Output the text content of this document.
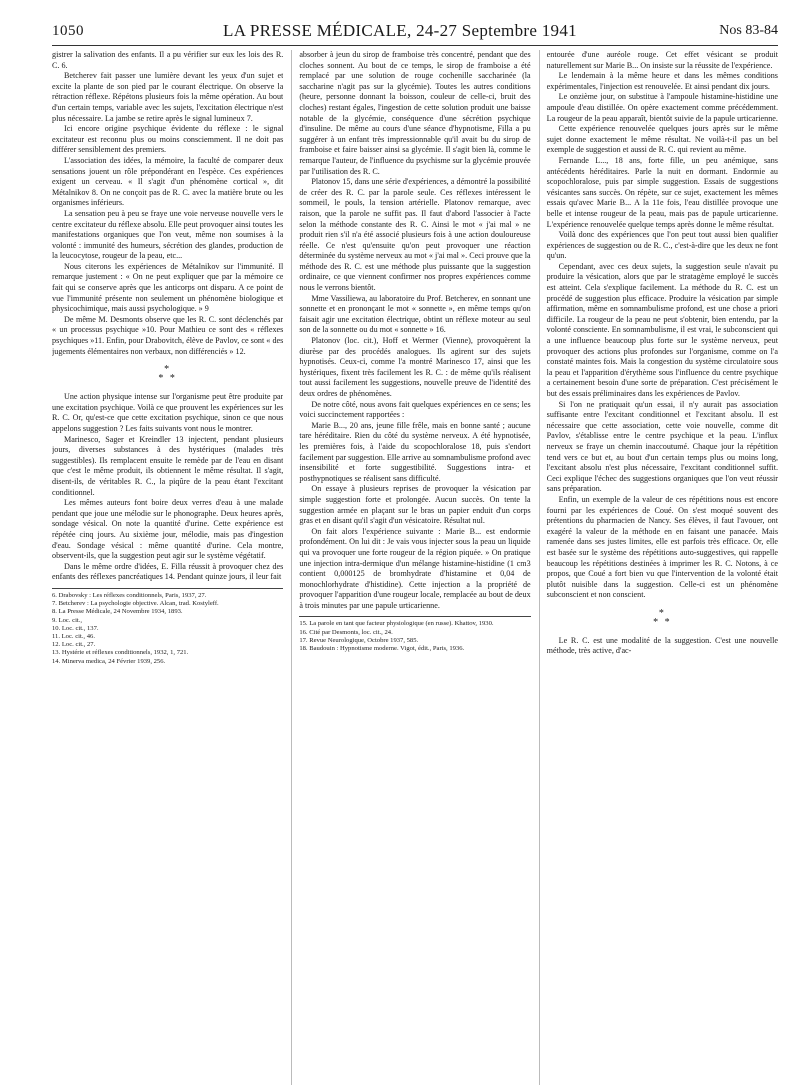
1050	LA PRESSE MÉDICALE, 24-27 Septembre 1941	Nos 83-84

gistrer la salivation des enfants. Il a pu vérifier sur eux les lois des R. C. 6.

Betcherev fait passer une lumière devant les yeux d'un sujet et excite la plante de son pied par le courant électrique. On observe la rétraction réflexe. Répétons plusieurs fois la même opération. Au bout d'un certain temps, variable avec les sujets, l'excitation électrique n'est plus nécessaire. La jambe se retire après le signal lumineux 7.

Ici encore origine psychique évidente du réflexe : le signal excitateur est reconnu plus ou moins consciemment. Il ne doit pas différer sensiblement des premiers.

L'association des idées, la mémoire, la faculté de comparer deux sensations jouent un rôle prépondérant en l'espèce. Ces expériences exigent un cerveau. « Il s'agit d'un phénomène cortical », dit Métalnikov 8. On ne conçoit pas de R. C. avec la matière brute ou les organismes inférieurs.

La sensation peu à peu se fraye une voie nerveuse nouvelle vers le centre excitateur du réflexe absolu. Elle peut provoquer ainsi toutes les manifestations organiques que l'on veut, même non soumises à la volonté : immunité des humeurs, sécrétion des glandes, production de la leucocytose, rougeur de la peau, etc...

Nous citerons les expériences de Métalnikov sur l'immunité. Il remarque justement : « On ne peut expliquer que par la mémoire ce fait qui se conserve après que les anticorps ont disparu. A ce point de vue l'immunité présente non seulement un phénomène biologique et physicochimique, mais aussi psychologique. » 9

De même M. Desmonts observe que les R. C. sont déclenchés par « un processus psychique »10. Pour Mathieu ce sont des « réflexes psychiques »11. Enfin, pour Drabovitch, élève de Pavlov, ce sont « des jugements élémentaires non verbaux, non différenciés » 12.

*
* *

Une action physique intense sur l'organisme peut être produite par une excitation psychique. Voilà ce que prouvent les expériences sur les R. C. Or, qu'est-ce que cette excitation psychique, sinon ce que nous appelons suggestion ? Les faits suivants vont nous le montrer.

Marinesco, Sager et Kreindler 13 injectent, pendant plusieurs jours, diverses substances à des hystériques (malades très suggestibles). Ils remplacent ensuite le remède par de l'eau en disant que c'est le même produit, ils obtiennent le même résultat. Il s'agit, disent-ils, de véritables R. C., la piqûre de la peau étant l'excitant conditionnel.

Les mêmes auteurs font boire deux verres d'eau à une malade pendant que joue une mélodie sur le phonographe. Deux heures après, sondage vésical. On note la quantité d'urine. Cette expérience est répétée cinq jours. Au sixième jour, mélodie, mais pas d'ingestion d'eau. Sondage vésical : même quantité d'urine. Cela montre, observent-ils, que la suggestion peut agir sur le système végétatif.

Dans le même ordre d'idées, E. Filla réussit à provoquer chez des enfants des réflexes pancréatiques 14. Pendant quinze jours, il leur fait

6. Drabovsky : Les réflexes conditionnels, Paris, 1937, 27.
7. Betcherev : La psychologie objective. Alcan, trad. Kostyleff.
8. La Presse Médicale, 24 Novembre 1934, 1893.
9. Loc. cit.,
10. Loc. cit., 137.
11. Loc. cit., 46.
12. Loc. cit., 27.
13. Hystérie et réflexes conditionnels, 1932, 1, 721.
14. Minerva medica, 24 Février 1939, 256.

absorber à jeun du sirop de framboise très concentré, pendant que des cloches sonnent. Au bout de ce temps, le sirop de framboise a été remplacé par une solution de rouge cochenille saccharinée (la saccharine n'agit pas sur la glycémie). Toutes les autres conditions (heure, personne donnant la boisson, couleur de celle-ci, bruit des cloches) restant égales, l'ingestion de cette solution produit une baisse notable de la glycémie, conséquence d'une sécrétion psychique d'insuline. De même au cours d'une séance d'hypnotisme, Filla a pu suggérer à un enfant très impressionnable qu'il avait bu du sirop de framboise et faire baisser ainsi sa glycémie. Il s'agit bien là, comme le remarque l'auteur, de l'influence du psychisme sur la glycémie prouvée par l'utilisation des R. C.

Platonov 15, dans une série d'expériences, a démontré la possibilité de créer des R. C. par la parole seule. Ces réflexes intéressent le sommeil, le pouls, la tension artérielle. Platonov remarque, avec raison, que la parole ne suffit pas. Il faut d'abord l'associer à l'acte selon la méthode constante des R. C. Ainsi le mot « j'ai mal » ne produit rien s'il n'a été associé plusieurs fois à une action douloureuse réelle. Ce n'est qu'ensuite qu'on peut provoquer une réaction déterminée du système nerveux au mot « j'ai mal ». Ceci prouve que la méthode des R. C. est une méthode plus puissante que la suggestion ordinaire, ce que viennent confirmer nos propres expériences comme nous le verrons bientôt.

Mme Vassiliewa, au laboratoire du Prof. Betcherev, en sonnant une sonnette et en prononçant le mot « sonnette », en même temps qu'on faisait agir une excitation électrique, obtint un réflexe moteur au seul son de la sonnette ou du mot « sonnette » 16.

Platonov (loc. cit.), Hoff et Wermer (Vienne), provoquèrent la diurèse par des procédés analogues. Ils agirent sur des sujets hypnotisés. Ceux-ci, comme l'a montré Marinesco 17, ainsi que les hystériques, fixent très facilement les R. C. : de même qu'ils réalisent tout aussi facilement les suggestions, nouvelle preuve de l'identité des deux ordres de phénomènes.

De notre côté, nous avons fait quelques expériences en ce sens; les voici succinctement rapportées :

Marie B..., 20 ans, jeune fille frêle, mais en bonne santé ; aucune tare héréditaire. Rien du côté du système nerveux. A été hypnotisée, les premières fois, à l'aide du scopochloralose 18, puis s'endort facilement par suggestion. Elle arrive au somnambulisme profond avec insensibilité et forte suggestibilité. Suggestions intra- et posthypnotiques se réalisent sans difficulté.

On essaye à plusieurs reprises de provoquer la vésication par simple suggestion forte et prolongée. Aucun succès. On tente la suggestion armée en plaçant sur le bras un papier enduit d'un corps gras et en disant qu'il s'agit d'un vésicatoire. Résultat nul.

On fait alors l'expérience suivante : Marie B... est endormie profondément. On lui dit : Je vais vous injecter sous la peau un liquide qui va provoquer une forte rougeur de la région piquée. » On pratique une injection intra-dermique d'un mélange histamine-histidine (1 cm3 contient 0,000125 de bromhydrate d'histamine et 0,04 de monochlorhydrate d'histidine). Cette injection a la propriété de provoquer l'apparition d'une rougeur locale, remplacée au bout de deux à trois minutes par une papule urticarienne.

15. La parole en tant que facteur physiologique (en russe). Khattov, 1930.
16. Cité par Desmonts, loc. cit., 24.
17. Revue Neurologique, Octobre 1937, 585.
18. Baudouin : Hypnotisme moderne. Vigot, édit., Paris, 1936.

entourée d'une auréole rouge. Cet effet vésicant se produit naturellement sur Marie B... On insiste sur la réussite de l'expérience.

Le lendemain à la même heure et dans les mêmes conditions expérimentales, l'injection est renouvelée. Et ainsi pendant dix jours.

Le onzième jour, on substitue à l'ampoule histamine-histidine une ampoule d'eau distillée. On opère exactement comme précédemment. La rougeur de la peau apparaît, bientôt suivie de la papule urticarienne.

Cette expérience renouvelée quelques jours après sur le même sujet donne exactement le même résultat. Ne voilà-t-il pas un bel exemple de suggestion et aussi de R. C. qui revient au même.

Fernande L..., 18 ans, forte fille, un peu anémique, sans antécédents héréditaires. Parle la nuit en dormant. Endormie au scopochloralose, puis par simple suggestion. Essais de suggestions vésicantes sans succès. On répète, sur ce sujet, exactement les mêmes essais qu'avec Marie B... A la 11e fois, l'eau distillée provoque une belle et intense rougeur de la peau, mais pas de papule urticarienne. L'expérience renouvelée quelque temps après donne le même résultat.

Voilà donc des expériences que l'on peut tout aussi bien qualifier expériences de suggestion ou de R. C., c'est-à-dire que les deux ne font qu'un.

Cependant, avec ces deux sujets, la suggestion seule n'avait pu produire la vésication, alors que par le stratagème employé le succès est atteint. Cela s'explique facilement. La méthode du R. C. est un procédé de suggestion plus efficace. Produire la vésication par simple affirmation, même en somnambulisme profond, est une chose a priori difficile. La rougeur de la peau ne peut s'obtenir, bien entendu, par la volonté consciente. En somnambulisme, il est vrai, le subconscient qui a une influence beaucoup plus forte sur le système nerveux, peut provoquer des actions plus profondes sur l'organisme, comme on l'a constaté maintes fois. Mais la congestion du système circulatoire sous la peau et l'apparition d'érythème sous l'influence du centre psychique a certainement besoin d'une sorte de préparation. C'est précisément le but des essais préliminaires dans les expériences de Pavlov.

Si l'on ne pratiquait qu'un essai, il n'y aurait pas association suffisante entre l'excitant conditionnel et l'excitant absolu. Il est nécessaire que cette association, cette voie nouvelle, comme dit Pavlov, s'établisse entre le centre psychique et la peau. L'influx nerveux se fraye un chemin inaccoutumé. Chaque jour la répétition tend vers ce but et, au bout d'un certain temps plus ou moins long, l'excitant absolu n'est plus nécessaire, l'excitant conditionnel suffit. Ceci explique l'échec des suggestions organiques que l'on veut réussir sans préparation.

Enfin, un exemple de la valeur de ces répétitions nous est encore fourni par les expériences de Coué. On s'est moqué souvent des prétentions du pharmacien de Nancy. Ses élèves, il faut l'avouer, ont exagéré la valeur de la méthode en en faisant une panacée. Mais ramenée dans ses justes limites, elle est parfois très efficace. Or, elle est basée sur le système des répétitions auto-suggestives, qui rappelle beaucoup les répétitions destinées à imprimer les R. C. Notons, à ce propos, que Coué a fort bien vu que l'intervention de la volonté était plutôt nuisible dans la suggestion. Celle-ci est un phénomène subconscient et non conscient.

*
* *

Le R. C. est une modalité de la suggestion. C'est une nouvelle méthode, très active, d'ac-
